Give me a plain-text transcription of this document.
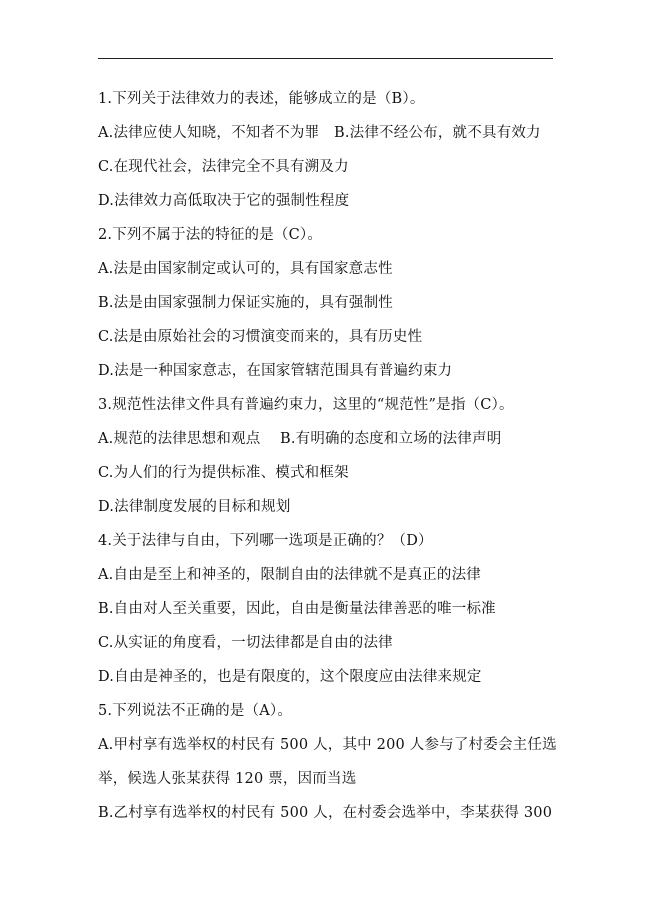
1.下列关于法律效力的表述，能够成立的是（B）。
A.法律应使人知晓，不知者不为罪　B.法律不经公布，就不具有效力
C.在现代社会，法律完全不具有溯及力
D.法律效力高低取决于它的强制性程度
2.下列不属于法的特征的是（C）。
A.法是由国家制定或认可的，具有国家意志性
B.法是由国家强制力保证实施的，具有强制性
C.法是由原始社会的习惯演变而来的，具有历史性
D.法是一种国家意志，在国家管辖范围具有普遍约束力
3.规范性法律文件具有普遍约束力，这里的“规范性”是指（C）。
A.规范的法律思想和观点　 B.有明确的态度和立场的法律声明
C.为人们的行为提供标准、模式和框架
D.法律制度发展的目标和规划
4.关于法律与自由，下列哪一选项是正确的？（D）
A.自由是至上和神圣的，限制自由的法律就不是真正的法律
B.自由对人至关重要，因此，自由是衡量法律善恶的唯一标准
C.从实证的角度看，一切法律都是自由的法律
D.自由是神圣的，也是有限度的，这个限度应由法律来规定
5.下列说法不正确的是（A）。
A.甲村享有选举权的村民有 500 人，其中 200 人参与了村委会主任选
举，候选人张某获得 120 票，因而当选
B.乙村享有选举权的村民有 500 人，在村委会选举中，李某获得 300
